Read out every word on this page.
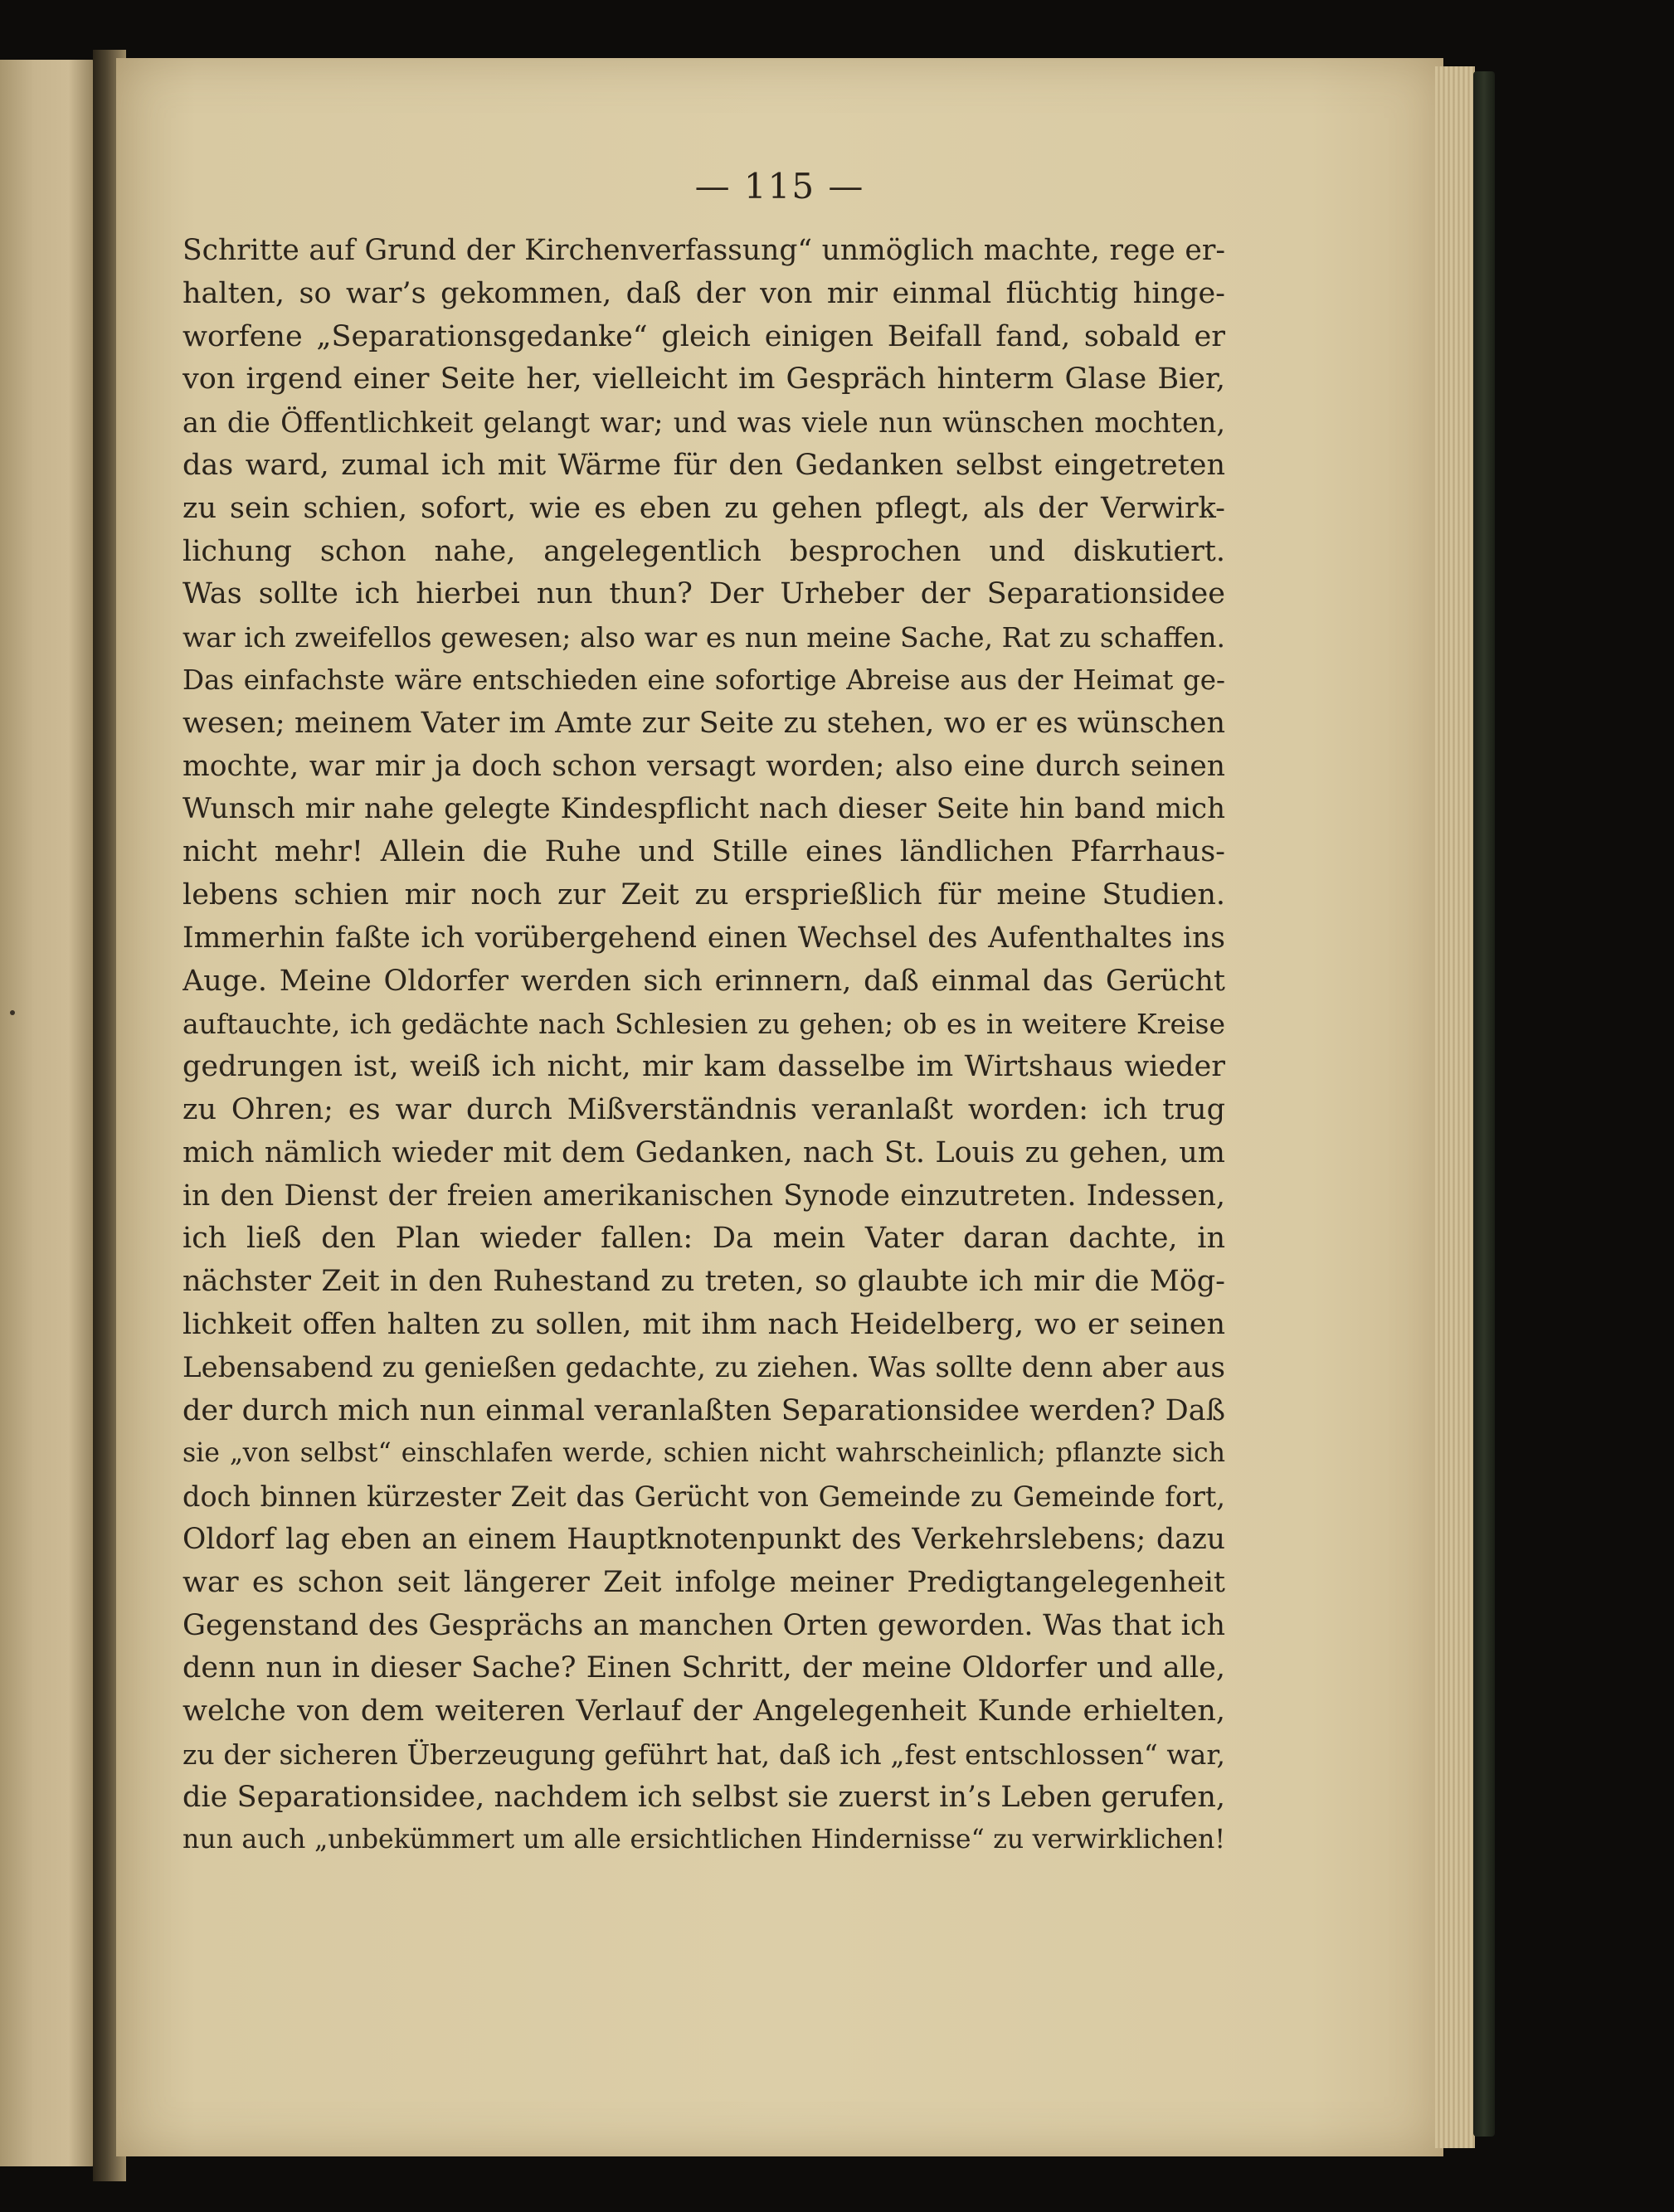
— 115 —
Schritte auf Grund der Kirchenverfassung“ unmöglich machte, rege er-
halten, so war’s gekommen, daß der von mir einmal flüchtig hinge-
worfene „Separationsgedanke“ gleich einigen Beifall fand, sobald er
von irgend einer Seite her, vielleicht im Gespräch hinterm Glase Bier,
an die Öffentlichkeit gelangt war; und was viele nun wünschen mochten,
das ward, zumal ich mit Wärme für den Gedanken selbst eingetreten
zu sein schien, sofort, wie es eben zu gehen pflegt, als der Verwirk-
lichung schon nahe, angelegentlich besprochen und diskutiert.
Was sollte ich hierbei nun thun? Der Urheber der Separationsidee
war ich zweifellos gewesen; also war es nun meine Sache, Rat zu schaffen.
Das einfachste wäre entschieden eine sofortige Abreise aus der Heimat ge-
wesen; meinem Vater im Amte zur Seite zu stehen, wo er es wünschen
mochte, war mir ja doch schon versagt worden; also eine durch seinen
Wunsch mir nahe gelegte Kindespflicht nach dieser Seite hin band mich
nicht mehr! Allein die Ruhe und Stille eines ländlichen Pfarrhaus-
lebens schien mir noch zur Zeit zu ersprießlich für meine Studien.
Immerhin faßte ich vorübergehend einen Wechsel des Aufenthaltes ins
Auge. Meine Oldorfer werden sich erinnern, daß einmal das Gerücht
auftauchte, ich gedächte nach Schlesien zu gehen; ob es in weitere Kreise
gedrungen ist, weiß ich nicht, mir kam dasselbe im Wirtshaus wieder
zu Ohren; es war durch Mißverständnis veranlaßt worden: ich trug
mich nämlich wieder mit dem Gedanken, nach St. Louis zu gehen, um
in den Dienst der freien amerikanischen Synode einzutreten. Indessen,
ich ließ den Plan wieder fallen: Da mein Vater daran dachte, in
nächster Zeit in den Ruhestand zu treten, so glaubte ich mir die Mög-
lichkeit offen halten zu sollen, mit ihm nach Heidelberg, wo er seinen
Lebensabend zu genießen gedachte, zu ziehen. Was sollte denn aber aus
der durch mich nun einmal veranlaßten Separationsidee werden? Daß
sie „von selbst“ einschlafen werde, schien nicht wahrscheinlich; pflanzte sich
doch binnen kürzester Zeit das Gerücht von Gemeinde zu Gemeinde fort,
Oldorf lag eben an einem Hauptknotenpunkt des Verkehrslebens; dazu
war es schon seit längerer Zeit infolge meiner Predigtangelegenheit
Gegenstand des Gesprächs an manchen Orten geworden. Was that ich
denn nun in dieser Sache? Einen Schritt, der meine Oldorfer und alle,
welche von dem weiteren Verlauf der Angelegenheit Kunde erhielten,
zu der sicheren Überzeugung geführt hat, daß ich „fest entschlossen“ war,
die Separationsidee, nachdem ich selbst sie zuerst in’s Leben gerufen,
nun auch „unbekümmert um alle ersichtlichen Hindernisse“ zu verwirklichen!
